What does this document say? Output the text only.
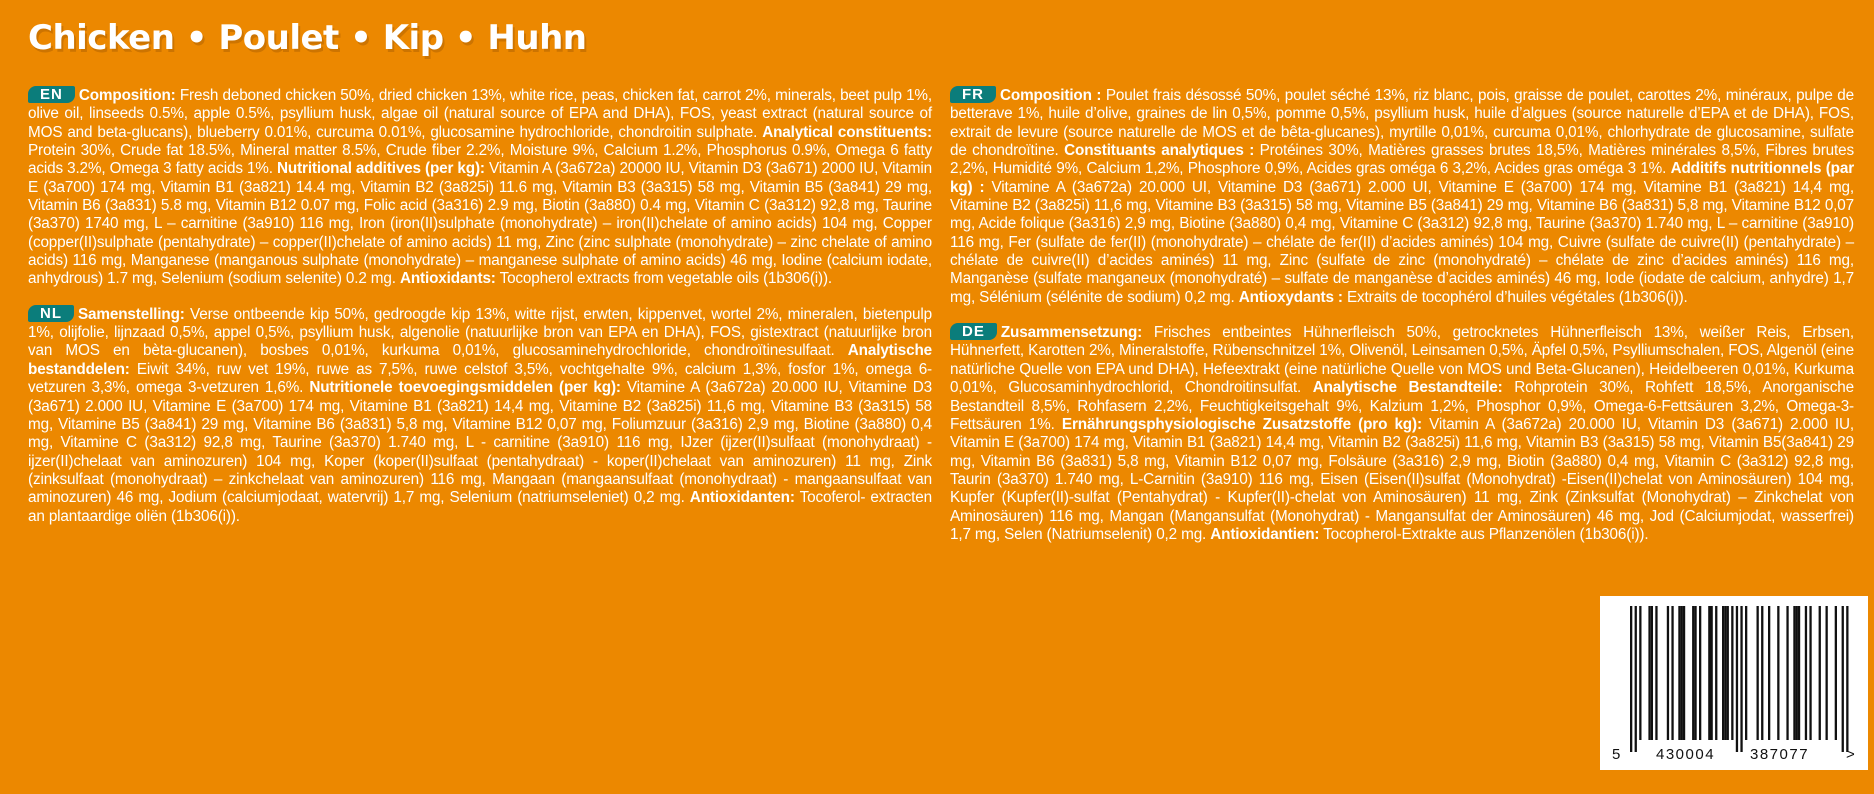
Chicken • Poulet • Kip • Huhn

EN Composition: Fresh deboned chicken 50%, dried chicken 13%, white rice, peas, chicken fat, carrot 2%, minerals, beet pulp 1%, olive oil, linseeds 0.5%, apple 0.5%, psyllium husk, algae oil (natural source of EPA and DHA), FOS, yeast extract (natural source of MOS and beta-glucans), blueberry 0.01%, curcuma 0.01%, glucosamine hydrochloride, chondroitin sulphate. Analytical constituents: Protein 30%, Crude fat 18.5%, Mineral matter 8.5%, Crude fiber 2.2%, Moisture 9%, Calcium 1.2%, Phosphorus 0.9%, Omega 6 fatty acids 3.2%, Omega 3 fatty acids 1%. Nutritional additives (per kg): Vitamin A (3a672a) 20000 IU, Vitamin D3 (3a671) 2000 IU, Vitamin E (3a700) 174 mg, Vitamin B1 (3a821) 14.4 mg, Vitamin B2 (3a825i) 11.6 mg, Vitamin B3 (3a315) 58 mg, Vitamin B5 (3a841) 29 mg, Vitamin B6 (3a831) 5.8 mg, Vitamin B12 0.07 mg, Folic acid (3a316) 2.9 mg, Biotin (3a880) 0.4 mg, Vitamin C (3a312) 92,8 mg, Taurine (3a370) 1740 mg, L – carnitine (3a910) 116 mg, Iron (iron(II)sulphate (monohydrate) – iron(II)chelate of amino acids) 104 mg, Copper (copper(II)sulphate (pentahydrate) – copper(II)chelate of amino acids) 11 mg, Zinc (zinc sulphate (monohydrate) – zinc chelate of amino acids) 116 mg, Manganese (manganous sulphate (monohydrate) – manganese sulphate of amino acids) 46 mg, Iodine (calcium iodate, anhydrous) 1.7 mg, Selenium (sodium selenite) 0.2 mg. Antioxidants: Tocopherol extracts from vegetable oils (1b306(i)).

NL Samenstelling: Verse ontbeende kip 50%, gedroogde kip 13%, witte rijst, erwten, kippenvet, wortel 2%, mineralen, bietenpulp 1%, olijfolie, lijnzaad 0,5%, appel 0,5%, psyllium husk, algenolie (natuurlijke bron van EPA en DHA), FOS, gistextract (natuurlijke bron van MOS en bèta-glucanen), bosbes 0,01%, kurkuma 0,01%, glucosaminehydrochloride, chondroïtinesulfaat. Analytische bestanddelen: Eiwit 34%, ruw vet 19%, ruwe as 7,5%, ruwe celstof 3,5%, vochtgehalte 9%, calcium 1,3%, fosfor 1%, omega 6-vetzuren 3,3%, omega 3-vetzuren 1,6%. Nutritionele toevoegingsmiddelen (per kg): Vitamine A (3a672a) 20.000 IU, Vitamine D3 (3a671) 2.000 IU, Vitamine E (3a700) 174 mg, Vitamine B1 (3a821) 14,4 mg, Vitamine B2 (3a825i) 11,6 mg, Vitamine B3 (3a315) 58 mg, Vitamine B5 (3a841) 29 mg, Vitamine B6 (3a831) 5,8 mg, Vitamine B12 0,07 mg, Foliumzuur (3a316) 2,9 mg, Biotine (3a880) 0,4 mg, Vitamine C (3a312) 92,8 mg, Taurine (3a370) 1.740 mg, L - carnitine (3a910) 116 mg, IJzer (ijzer(II)sulfaat (monohydraat) - ijzer(II)chelaat van aminozuren) 104 mg, Koper (koper(II)sulfaat (pentahydraat) - koper(II)chelaat van aminozuren) 11 mg, Zink (zinksulfaat (monohydraat) – zinkchelaat van aminozuren) 116 mg, Mangaan (mangaansulfaat (monohydraat) - mangaansulfaat van aminozuren) 46 mg, Jodium (calciumjodaat, watervrij) 1,7 mg, Selenium (natriumseleniet) 0,2 mg. Antioxidanten: Tocoferol- extracten an plantaardige oliën (1b306(i)).

FR Composition : Poulet frais désossé 50%, poulet séché 13%, riz blanc, pois, graisse de poulet, carottes 2%, minéraux, pulpe de betterave 1%, huile d’olive, graines de lin 0,5%, pomme 0,5%, psyllium husk, huile d’algues (source naturelle d’EPA et de DHA), FOS, extrait de levure (source naturelle de MOS et de bêta-glucanes), myrtille 0,01%, curcuma 0,01%, chlorhydrate de glucosamine, sulfate de chondroïtine. Constituants analytiques : Protéines 30%, Matières grasses brutes 18,5%, Matières minérales 8,5%, Fibres brutes 2,2%, Humidité 9%, Calcium 1,2%, Phosphore 0,9%, Acides gras oméga 6 3,2%, Acides gras oméga 3 1%. Additifs nutritionnels (par kg) : Vitamine A (3a672a) 20.000 UI, Vitamine D3 (3a671) 2.000 UI, Vitamine E (3a700) 174 mg, Vitamine B1 (3a821) 14,4 mg, Vitamine B2 (3a825i) 11,6 mg, Vitamine B3 (3a315) 58 mg, Vitamine B5 (3a841) 29 mg, Vitamine B6 (3a831) 5,8 mg, Vitamine B12 0,07 mg, Acide folique (3a316) 2,9 mg, Biotine (3a880) 0,4 mg, Vitamine C (3a312) 92,8 mg, Taurine (3a370) 1.740 mg, L – carnitine (3a910) 116 mg, Fer (sulfate de fer(II) (monohydrate) – chélate de fer(II) d’acides aminés) 104 mg, Cuivre (sulfate de cuivre(II) (pentahydrate) – chélate de cuivre(II) d’acides aminés) 11 mg, Zinc (sulfate de zinc (monohydraté) – chélate de zinc d’acides aminés) 116 mg, Manganèse (sulfate manganeux (monohydraté) – sulfate de manganèse d’acides aminés) 46 mg, Iode (iodate de calcium, anhydre) 1,7 mg, Sélénium (sélénite de sodium) 0,2 mg. Antioxydants : Extraits de tocophérol d’huiles végétales (1b306(i)).

DE Zusammensetzung: Frisches entbeintes Hühnerfleisch 50%, getrocknetes Hühnerfleisch 13%, weißer Reis, Erbsen, Hühnerfett, Karotten 2%, Mineralstoffe, Rübenschnitzel 1%, Olivenöl, Leinsamen 0,5%, Äpfel 0,5%, Psylliumschalen, FOS, Algenöl (eine natürliche Quelle von EPA und DHA), Hefeextrakt (eine natürliche Quelle von MOS und Beta-Glucanen), Heidelbeeren 0,01%, Kurkuma 0,01%, Glucosaminhydrochlorid, Chondroitinsulfat. Analytische Bestandteile: Rohprotein 30%, Rohfett 18,5%, Anorganische Bestandteil 8,5%, Rohfasern 2,2%, Feuchtigkeitsgehalt 9%, Kalzium 1,2%, Phosphor 0,9%, Omega-6-Fettsäuren 3,2%, Omega-3-Fettsäuren 1%. Ernährungsphysiologische Zusatzstoffe (pro kg): Vitamin A (3a672a) 20.000 IU, Vitamin D3 (3a671) 2.000 IU, Vitamin E (3a700) 174 mg, Vitamin B1 (3a821) 14,4 mg, Vitamin B2 (3a825i) 11,6 mg, Vitamin B3 (3a315) 58 mg, Vitamin B5(3a841) 29 mg, Vitamin B6 (3a831) 5,8 mg, Vitamin B12 0,07 mg, Folsäure (3a316) 2,9 mg, Biotin (3a880) 0,4 mg, Vitamin C (3a312) 92,8 mg, Taurin (3a370) 1.740 mg, L-Carnitin (3a910) 116 mg, Eisen (Eisen(II)sulfat (Monohydrat) -Eisen(II)chelat von Aminosäuren) 104 mg, Kupfer (Kupfer(II)-sulfat (Pentahydrat) - Kupfer(II)-chelat von Aminosäuren) 11 mg, Zink (Zinksulfat (Monohydrat) – Zinkchelat von Aminosäuren) 116 mg, Mangan (Mangansulfat (Monohydrat) - Mangansulfat der Aminosäuren) 46 mg, Jod (Calciumjodat, wasserfrei) 1,7 mg, Selen (Natriumselenit) 0,2 mg. Antioxidantien: Tocopherol-Extrakte aus Pflanzenölen (1b306(i)).

5 430004 387077 >
